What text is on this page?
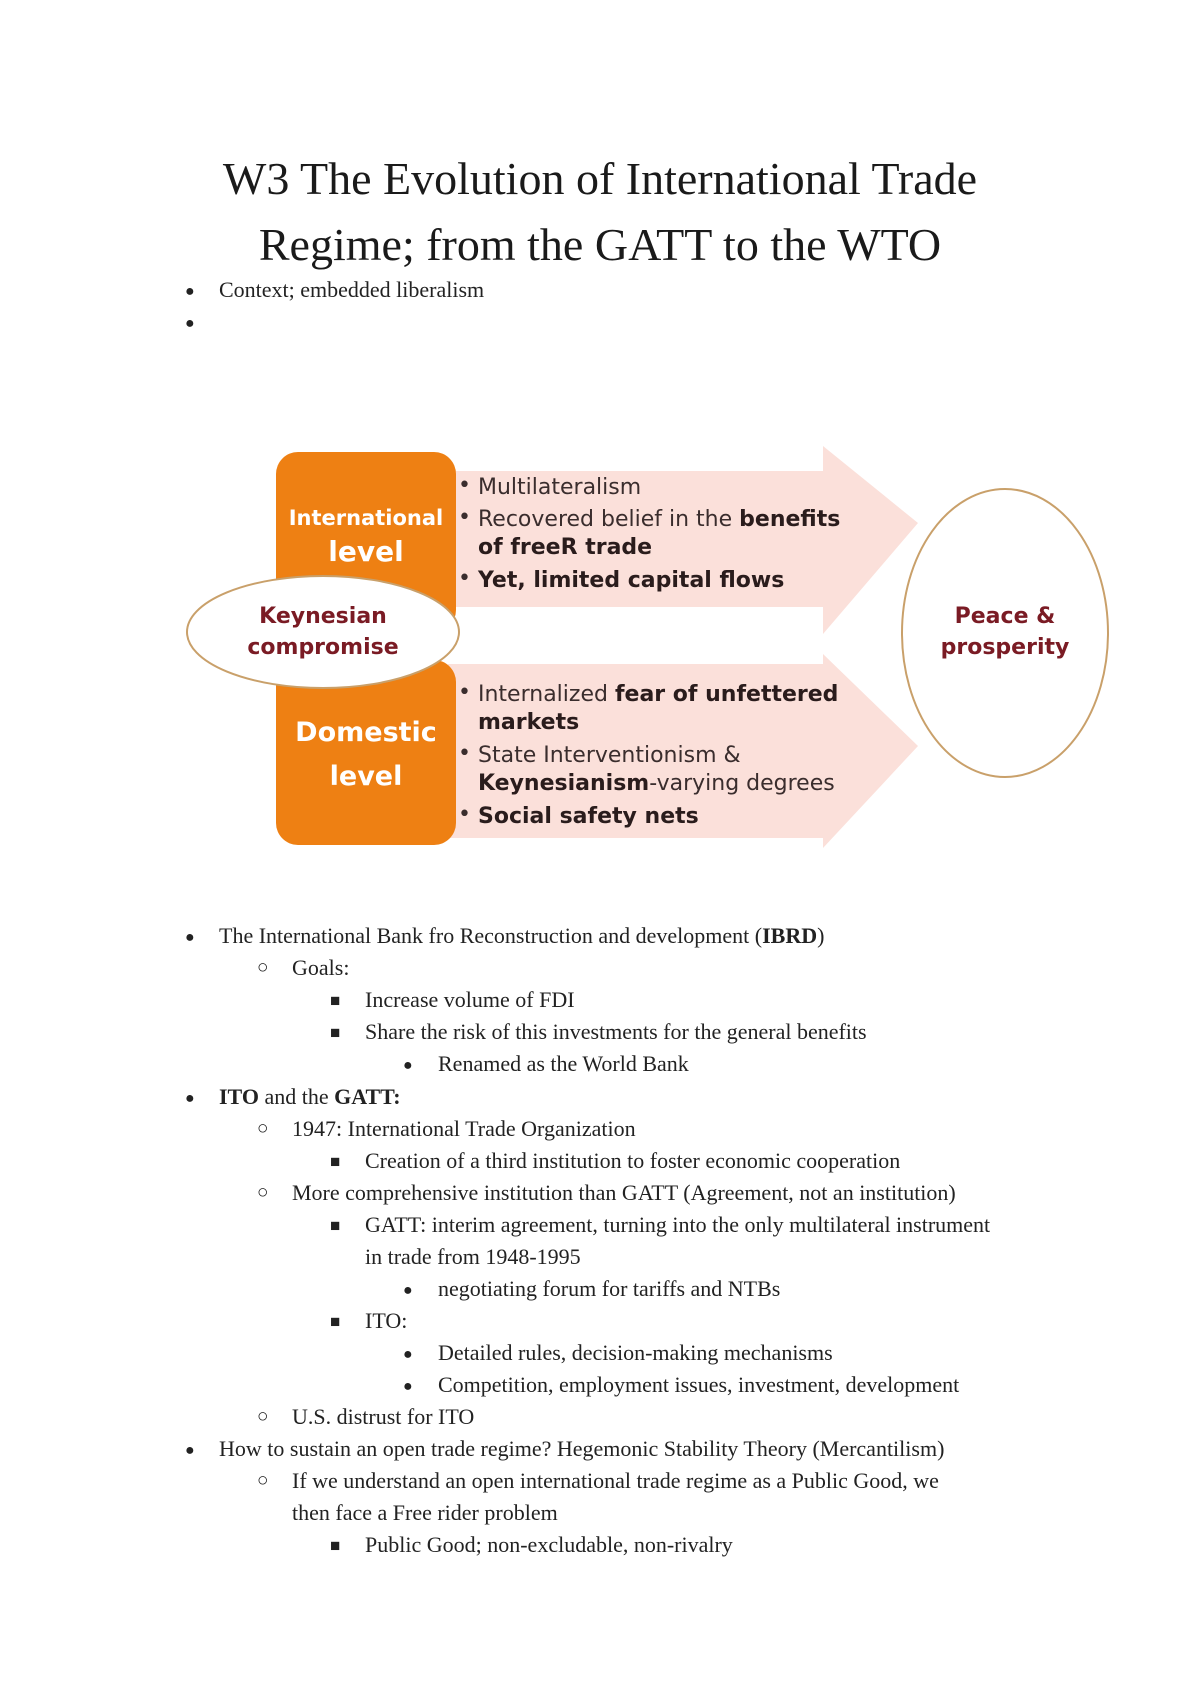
W3 The Evolution of International Trade
Regime; from the GATT to the WTO
● Context; embedded liberalism
●
International
level
Domestic
level
Keynesian
compromise
Peace &
prosperity
• Multilateralism
• Recovered belief in the benefits
of freeR trade
• Yet, limited capital flows
• Internalized fear of unfettered
markets
• State Interventionism &
Keynesianism-varying degrees
• Social safety nets
● The International Bank fro Reconstruction and development (IBRD)
○ Goals:
■ Increase volume of FDI
■ Share the risk of this investments for the general benefits
● Renamed as the World Bank
● ITO and the GATT:
○ 1947: International Trade Organization
■ Creation of a third institution to foster economic cooperation
○ More comprehensive institution than GATT (Agreement, not an institution)
■ GATT: interim agreement, turning into the only multilateral instrument
in trade from 1948-1995
● negotiating forum for tariffs and NTBs
■ ITO:
● Detailed rules, decision-making mechanisms
● Competition, employment issues, investment, development
○ U.S. distrust for ITO
● How to sustain an open trade regime? Hegemonic Stability Theory (Mercantilism)
○ If we understand an open international trade regime as a Public Good, we
then face a Free rider problem
■ Public Good; non-excludable, non-rivalry
